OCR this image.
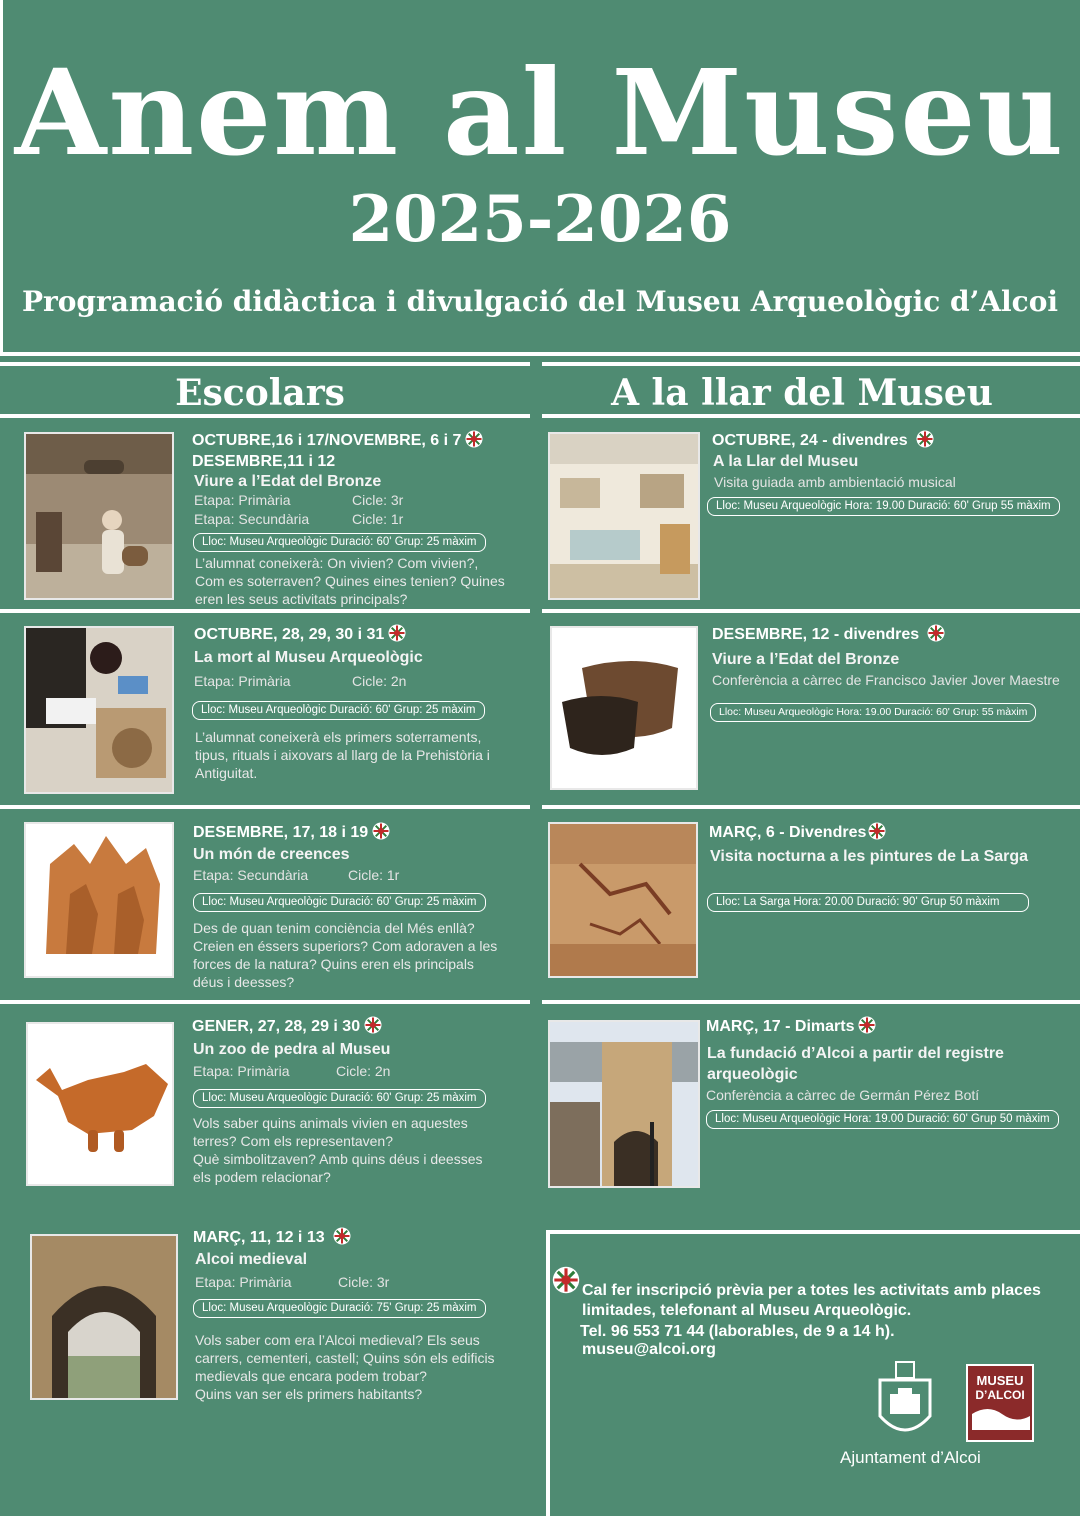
Anem al Museu
2025-2026
Programació didàctica i divulgació del Museu Arqueològic d’Alcoi
Escolars	A la llar del Museu
OCTUBRE,16 i 17/NOVEMBRE, 6 i 7
DESEMBRE,11 i 12
Viure a l’Edat del Bronze
Etapa: Primària	Cicle: 3r
Etapa: Secundària	Cicle: 1r
Lloc: Museu Arqueològic Duració: 60' Grup: 25 màxim
L’alumnat coneixerà: On vivien? Com vivien?,
Com es soterraven? Quines eines tenien? Quines
eren les seus activitats principals?
OCTUBRE, 28, 29, 30 i 31
La mort al Museu Arqueològic
Etapa: Primària	Cicle: 2n
Lloc: Museu Arqueològic Duració: 60' Grup: 25 màxim
L’alumnat coneixerà els primers soterraments,
tipus, rituals i aixovars al llarg de la Prehistòria i
Antiguitat.
DESEMBRE, 17, 18 i 19
Un món de creences
Etapa: Secundària	Cicle: 1r
Lloc: Museu Arqueològic Duració: 60' Grup: 25 màxim
Des de quan tenim conciència del Més enllà?
Creien en éssers superiors? Com adoraven a les
forces de la natura? Quins eren els principals
déus i deesses?
GENER, 27, 28, 29 i 30
Un zoo de pedra al Museu
Etapa: Primària	Cicle: 2n
Lloc: Museu Arqueològic Duració: 60' Grup: 25 màxim
Vols saber quins animals vivien en aquestes
terres? Com els representaven?
Què simbolitzaven? Amb quins déus i deesses
els podem relacionar?
MARÇ, 11, 12 i 13
Alcoi medieval
Etapa: Primària	Cicle: 3r
Lloc: Museu Arqueològic Duració: 75' Grup: 25 màxim
Vols saber com era l’Alcoi medieval? Els seus
carrers, cementeri, castell; Quins són els edificis
medievals que encara podem trobar?
Quins van ser els primers habitants?
OCTUBRE, 24 - divendres
A la Llar del Museu
Visita guiada amb ambientació musical
Lloc: Museu Arqueològic Hora: 19.00 Duració: 60' Grup 55 màxim
DESEMBRE, 12 - divendres
Viure a l’Edat del Bronze
Conferència a càrrec de Francisco Javier Jover Maestre
Lloc: Museu Arqueològic Hora: 19.00 Duració: 60' Grup: 55 màxim
MARÇ, 6 - Divendres
Visita nocturna a les pintures de La Sarga
Lloc: La Sarga Hora: 20.00 Duració: 90' Grup 50 màxim
MARÇ, 17 - Dimarts
La fundació d’Alcoi a partir del registre
arqueològic
Conferència a càrrec de Germán Pérez Botí
Lloc: Museu Arqueològic Hora: 19.00 Duració: 60' Grup 50 màxim
Cal fer inscripció prèvia per a totes les activitats amb places
limitades, telefonant al Museu Arqueològic.
Tel. 96 553 71 44 (laborables, de 9 a 14 h).
museu@alcoi.org
Ajuntament d’Alcoi
MUSEU
D’ALCOI
